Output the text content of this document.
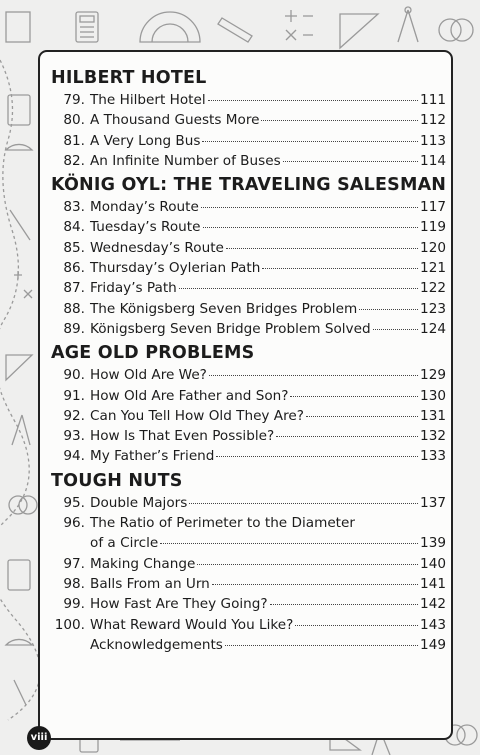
HILBERT HOTEL
79. The Hilbert Hotel	111
80. A Thousand Guests More	112
81. A Very Long Bus	113
82. An Infinite Number of Buses	114
KÖNIG OYL: THE TRAVELING SALESMAN
83. Monday’s Route	117
84. Tuesday’s Route	119
85. Wednesday’s Route	120
86. Thursday’s Oylerian Path	121
87. Friday’s Path	122
88. The Königsberg Seven Bridges Problem	123
89. Königsberg Seven Bridge Problem Solved	124
AGE OLD PROBLEMS
90. How Old Are We?	129
91. How Old Are Father and Son?	130
92. Can You Tell How Old They Are?	131
93. How Is That Even Possible?	132
94. My Father’s Friend	133
TOUGH NUTS
95. Double Majors	137
96. The Ratio of Perimeter to the Diameter
of a Circle	139
97. Making Change	140
98. Balls From an Urn	141
99. How Fast Are They Going?	142
100. What Reward Would You Like?	143
Acknowledgements	149
viii
